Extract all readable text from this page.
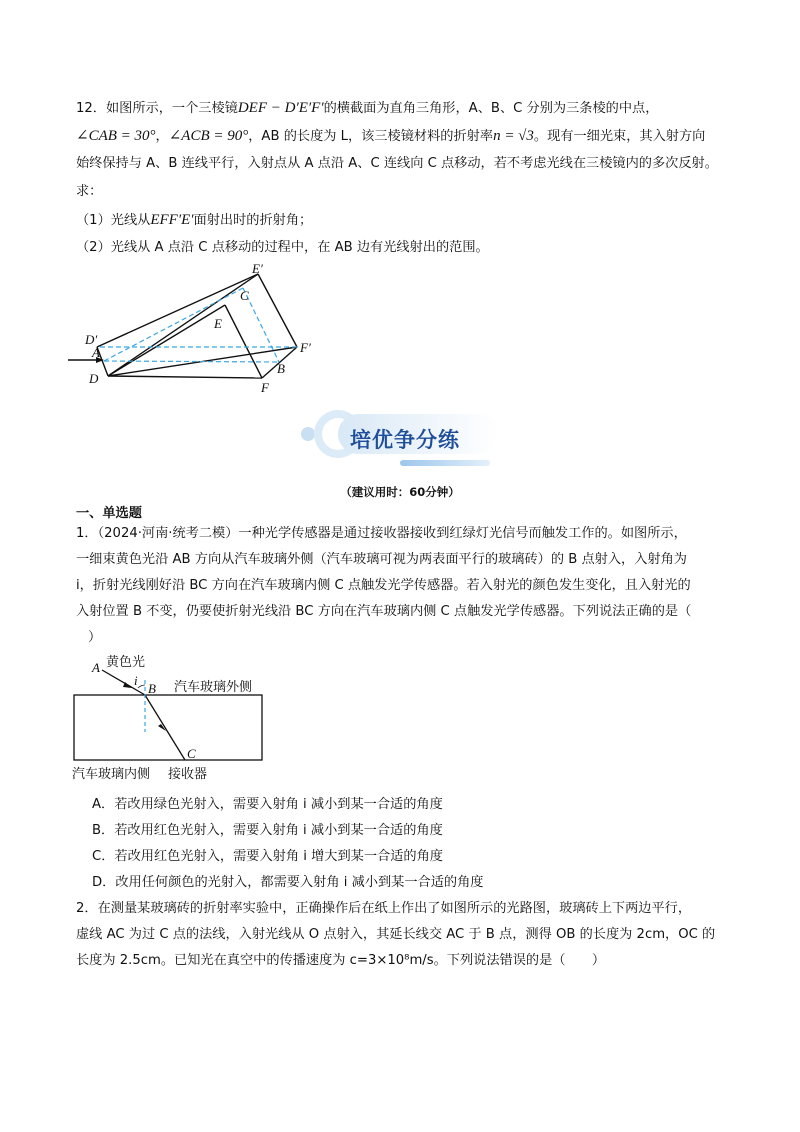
12．如图所示，一个三棱镜DEF − D′E′F′的横截面为直角三角形，A、B、C 分别为三条棱的中点，
∠CAB = 30°，∠ACB = 90°，AB 的长度为 L，该三棱镜材料的折射率n = √3。现有一细光束，其入射方向
始终保持与 A、B 连线平行，入射点从 A 点沿 A、C 连线向 C 点移动，若不考虑光线在三棱镜内的多次反射。
求：
（1）光线从EFF′E′面射出时的折射角；
（2）光线从 A 点沿 C 点移动的过程中，在 AB 边有光线射出的范围。
D′
A
D
E′
C
E
F′
B
F
培优争分练
（建议用时：60分钟）
一、单选题
1．（2024·河南·统考二模）一种光学传感器是通过接收器接收到红绿灯光信号而触发工作的。如图所示，
一细束黄色光沿 AB 方向从汽车玻璃外侧（汽车玻璃可视为两表面平行的玻璃砖）的 B 点射入，入射角为
i，折射光线刚好沿 BC 方向在汽车玻璃内侧 C 点触发光学传感器。若入射光的颜色发生变化，且入射光的
入射位置 B 不变，仍要使折射光线沿 BC 方向在汽车玻璃内侧 C 点触发光学传感器。下列说法正确的是（
）
A 黄色光
i
B 汽车玻璃外侧
C
汽车玻璃内侧 接收器
A．若改用绿色光射入，需要入射角 i 减小到某一合适的角度
B．若改用红色光射入，需要入射角 i 减小到某一合适的角度
C．若改用红色光射入，需要入射角 i 增大到某一合适的角度
D．改用任何颜色的光射入，都需要入射角 i 减小到某一合适的角度
2．在测量某玻璃砖的折射率实验中，正确操作后在纸上作出了如图所示的光路图，玻璃砖上下两边平行，
虚线 AC 为过 C 点的法线，入射光线从 O 点射入，其延长线交 AC 于 B 点，测得 OB 的长度为 2cm，OC 的
长度为 2.5cm。已知光在真空中的传播速度为 c=3×10⁸m/s。下列说法错误的是（　　）
